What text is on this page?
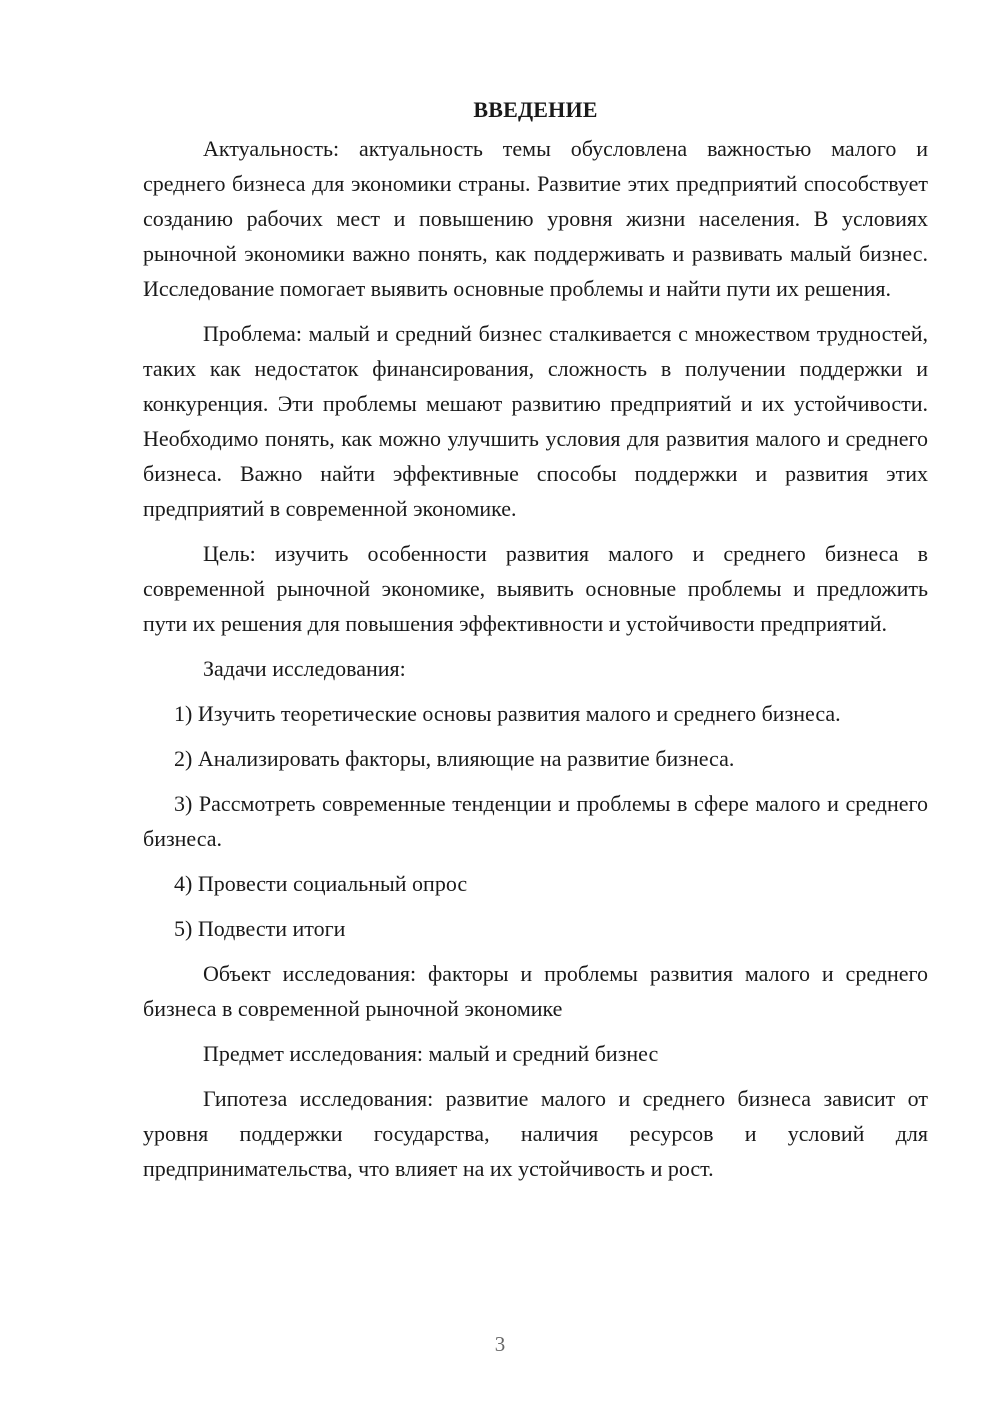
ВВЕДЕНИЕ

Актуальность: актуальность темы обусловлена важностью малого и среднего бизнеса для экономики страны. Развитие этих предприятий способствует созданию рабочих мест и повышению уровня жизни населения. В условиях рыночной экономики важно понять, как поддерживать и развивать малый бизнес. Исследование помогает выявить основные проблемы и найти пути их решения.

Проблема: малый и средний бизнес сталкивается с множеством трудностей, таких как недостаток финансирования, сложность в получении поддержки и конкуренция. Эти проблемы мешают развитию предприятий и их устойчивости. Необходимо понять, как можно улучшить условия для развития малого и среднего бизнеса. Важно найти эффективные способы поддержки и развития этих предприятий в современной экономике.

Цель: изучить особенности развития малого и среднего бизнеса в современной рыночной экономике, выявить основные проблемы и предложить пути их решения для повышения эффективности и устойчивости предприятий.

Задачи исследования:

1) Изучить теоретические основы развития малого и среднего бизнеса.

2) Анализировать факторы, влияющие на развитие бизнеса.

3) Рассмотреть современные тенденции и проблемы в сфере малого и среднего бизнеса.

4) Провести социальный опрос

5) Подвести итоги

Объект исследования: факторы и проблемы развития малого и среднего бизнеса в современной рыночной экономике

Предмет исследования: малый и средний бизнес

Гипотеза исследования: развитие малого и среднего бизнеса зависит от уровня поддержки государства, наличия ресурсов и условий для предпринимательства, что влияет на их устойчивость и рост.

3
